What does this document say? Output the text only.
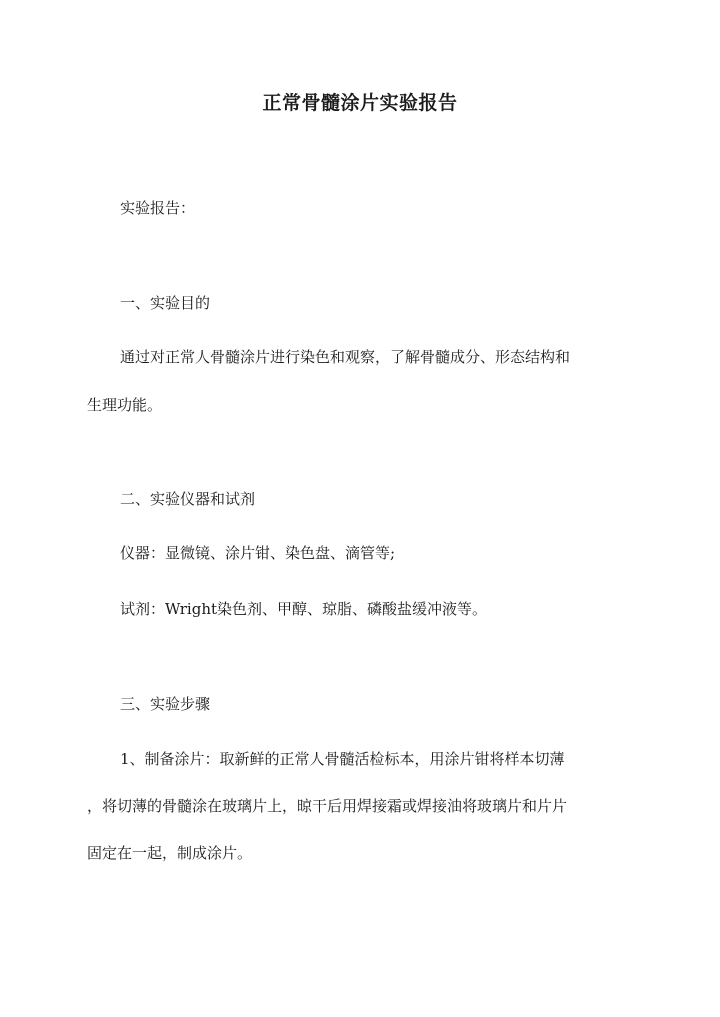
正常骨髓涂片实验报告

实验报告：

一、实验目的

通过对正常人骨髓涂片进行染色和观察，了解骨髓成分、形态结构和

生理功能。

二、实验仪器和试剂

仪器：显微镜、涂片钳、染色盘、滴管等;

试剂：Wright染色剂、甲醇、琼脂、磷酸盐缓冲液等。

三、实验步骤

1、制备涂片：取新鲜的正常人骨髓活检标本，用涂片钳将样本切薄

，将切薄的骨髓涂在玻璃片上，晾干后用焊接霜或焊接油将玻璃片和片片

固定在一起，制成涂片。
